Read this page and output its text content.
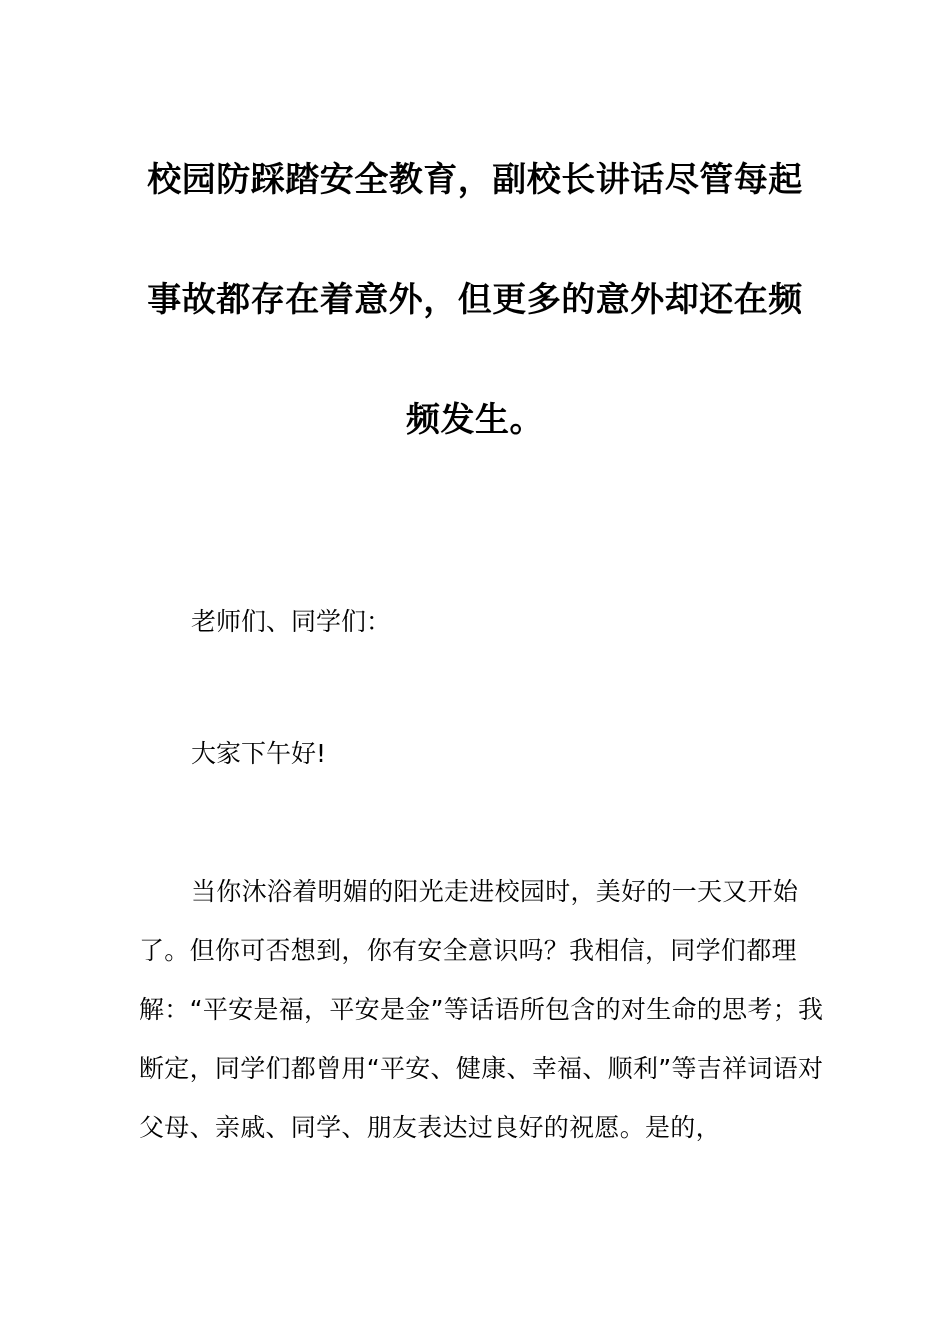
校园防踩踏安全教育，副校长讲话尽管每起事故都存在着意外，但更多的意外却还在频频发生。

老师们、同学们：

大家下午好!

当你沐浴着明媚的阳光走进校园时，美好的一天又开始了。但你可否想到，你有安全意识吗？我相信，同学们都理解：“平安是福，平安是金”等话语所包含的对生命的思考；我断定，同学们都曾用“平安、健康、幸福、顺利”等吉祥词语对父母、亲戚、同学、朋友表达过良好的祝愿。是的，
